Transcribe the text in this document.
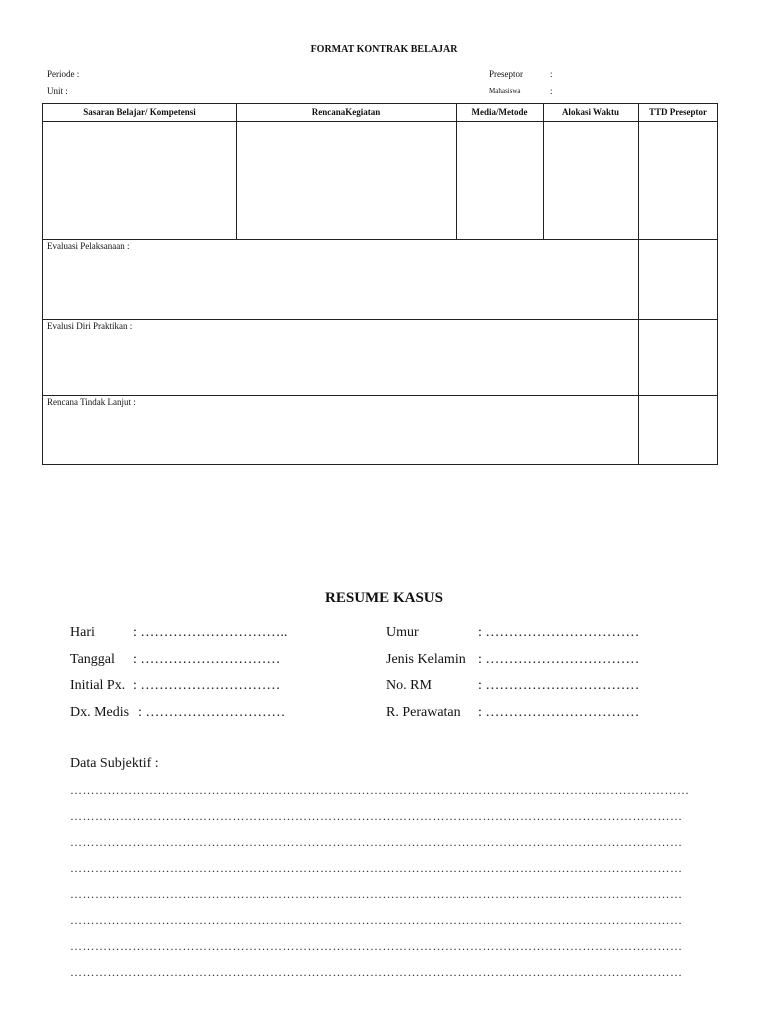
FORMAT KONTRAK BELAJAR
Periode :
Unit :
Preseptor	:
Mahasiswa	:
Sasaran Belajar/ Kompetensi	RencanaKegiatan	Media/Metode	Alokasi Waktu	TTD Preseptor
Evaluasi Pelaksanaan :
Evalusi Diri Praktikan :
Rencana Tindak Lanjut :
RESUME KASUS
Hari	: …………………………..
Tanggal : …………………………
Initial Px. : …………………………
Dx. Medis : …………………………
Umur	: ……………………………
Jenis Kelamin : ……………………………
No. RM	: ……………………………
R. Perawatan : ……………………………
Data Subjektif :
………………………………………………………………………………………………………………..…………………
…………………………………………………………………………………………………………………………………
…………………………………………………………………………………………………………………………………
…………………………………………………………………………………………………………………………………
…………………………………………………………………………………………………………………………………
…………………………………………………………………………………………………………………………………
…………………………………………………………………………………………………………………………………
…………………………………………………………………………………………………………………………………
